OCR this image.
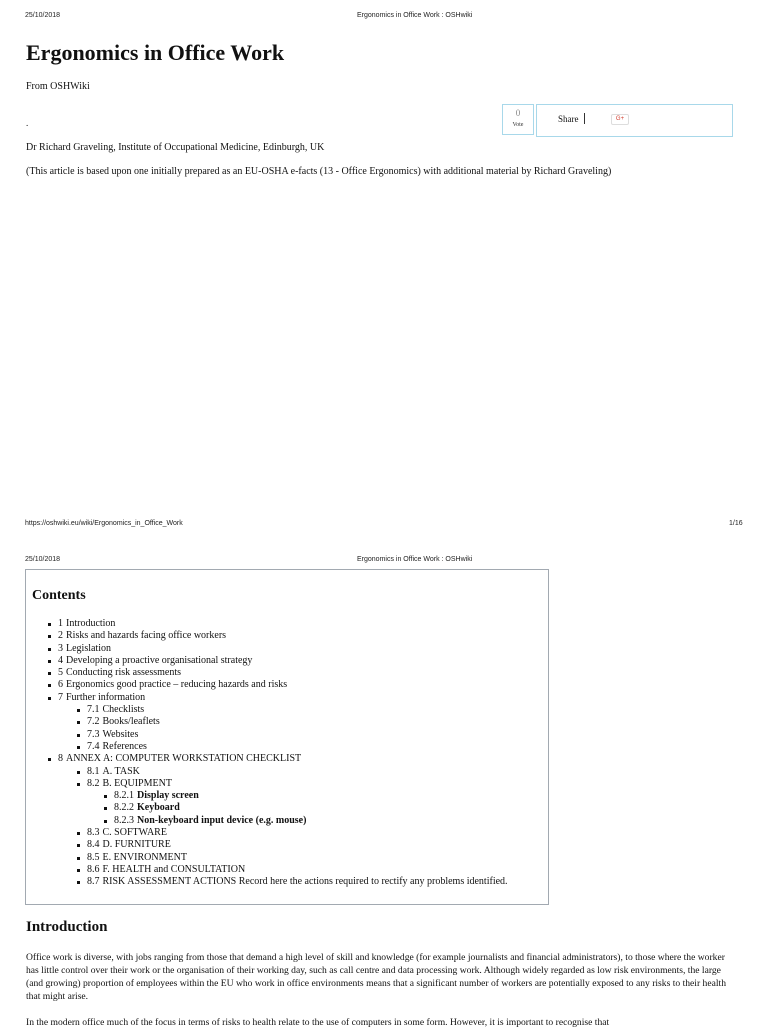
25/10/2018	Ergonomics in Office Work : OSHwiki
Ergonomics in Office Work
From OSHWiki
.
0
Vote
Share	G+
Dr Richard Graveling, Institute of Occupational Medicine, Edinburgh, UK
(This article is based upon one initially prepared as an EU-OSHA e-facts (13 - Office Ergonomics) with additional material by Richard Graveling)
https://oshwiki.eu/wiki/Ergonomics_in_Office_Work	1/16
25/10/2018	Ergonomics in Office Work : OSHwiki
Contents
1 Introduction
2 Risks and hazards facing office workers
3 Legislation
4 Developing a proactive organisational strategy
5 Conducting risk assessments
6 Ergonomics good practice – reducing hazards and risks
7 Further information
7.1 Checklists
7.2 Books/leaflets
7.3 Websites
7.4 References
8 ANNEX A: COMPUTER WORKSTATION CHECKLIST
8.1 A. TASK
8.2 B. EQUIPMENT
8.2.1 Display screen
8.2.2 Keyboard
8.2.3 Non-keyboard input device (e.g. mouse)
8.3 C. SOFTWARE
8.4 D. FURNITURE
8.5 E. ENVIRONMENT
8.6 F. HEALTH and CONSULTATION
8.7 RISK ASSESSMENT ACTIONS Record here the actions required to rectify any problems identified.
Introduction

Office work is diverse, with jobs ranging from those that demand a high level of skill and knowledge (for example journalists and financial administrators), to those where the worker has little control over their work or the organisation of their working day, such as call centre and data processing work. Although widely regarded as low risk environments, the large (and growing) proportion of employees within the EU who work in office environments means that a significant number of workers are potentially exposed to any risks to their health that might arise.

In the modern office much of the focus in terms of risks to health relate to the use of computers in some form. However, it is important to recognise that
